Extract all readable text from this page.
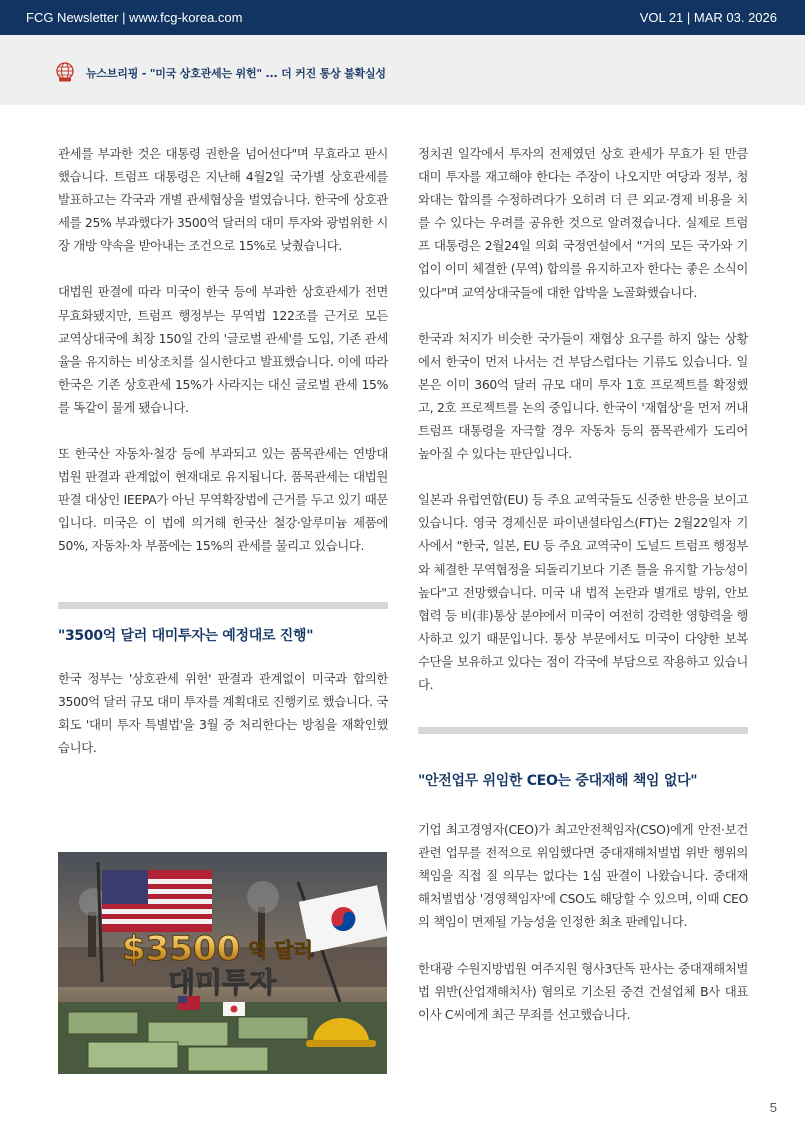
FCG Newsletter | www.fcg-korea.com	VOL 21 | MAR 03. 2026
뉴스브리핑 - "미국 상호관세는 위헌" ... 더 커진 통상 불확실성

관세를 부과한 것은 대통령 권한을 넘어선다"며 무효라고 판시했습니다. 트럼프 대통령은 지난해 4월2일 국가별 상호관세를 발표하고는 각국과 개별 관세협상을 벌였습니다. 한국에 상호관세를 25% 부과했다가 3500억 달러의 대미 투자와 광범위한 시장 개방 약속을 받아내는 조건으로 15%로 낮췄습니다.

대법원 판결에 따라 미국이 한국 등에 부과한 상호관세가 전면 무효화됐지만, 트럼프 행정부는 무역법 122조를 근거로 모든 교역상대국에 최장 150일 간의 '글로벌 관세'를 도입, 기존 관세율을 유지하는 비상조치를 실시한다고 발표했습니다. 이에 따라 한국은 기존 상호관세 15%가 사라지는 대신 글로벌 관세 15%를 똑같이 물게 됐습니다.

또 한국산 자동차·철강 등에 부과되고 있는 품목관세는 연방대법원 판결과 관계없이 현재대로 유지됩니다. 품목관세는 대법원 판결 대상인 IEEPA가 아닌 무역확장법에 근거를 두고 있기 때문입니다. 미국은 이 법에 의거해 한국산 철강·알루미늄 제품에 50%, 자동차·차 부품에는 15%의 관세를 물리고 있습니다.

"3500억 달러 대미투자는 예정대로 진행"

한국 정부는 '상호관세 위헌' 판결과 관계없이 미국과 합의한 3500억 달러 규모 대미 투자를 계획대로 진행키로 했습니다. 국회도 '대미 투자 특별법'을 3월 중 처리한다는 방침을 재확인했습니다.

$3500 억 달러
대미투자

정치권 일각에서 투자의 전제였던 상호 관세가 무효가 된 만큼 대미 투자를 재고해야 한다는 주장이 나오지만 여당과 정부, 청와대는 합의를 수정하려다가 오히려 더 큰 외교·경제 비용을 치를 수 있다는 우려를 공유한 것으로 알려졌습니다. 실제로 트럼프 대통령은 2월24일 의회 국정연설에서 "거의 모든 국가와 기업이 이미 체결한 (무역) 합의를 유지하고자 한다는 좋은 소식이 있다"며 교역상대국들에 대한 압박을 노골화했습니다.

한국과 처지가 비슷한 국가들이 재협상 요구를 하지 않는 상황에서 한국이 먼저 나서는 건 부담스럽다는 기류도 있습니다. 일본은 이미 360억 달러 규모 대미 투자 1호 프로젝트를 확정했고, 2호 프로젝트를 논의 중입니다. 한국이 '재협상'을 먼저 꺼내 트럼프 대통령을 자극할 경우 자동차 등의 품목관세가 도리어 높아질 수 있다는 판단입니다.

일본과 유럽연합(EU) 등 주요 교역국들도 신중한 반응을 보이고 있습니다. 영국 경제신문 파이낸셜타임스(FT)는 2월22일자 기사에서 "한국, 일본, EU 등 주요 교역국이 도널드 트럼프 행정부와 체결한 무역협정을 되돌리기보다 기존 틀을 유지할 가능성이 높다"고 전망했습니다. 미국 내 법적 논란과 별개로 방위, 안보 협력 등 비(非)통상 분야에서 미국이 여전히 강력한 영향력을 행사하고 있기 때문입니다. 통상 부문에서도 미국이 다양한 보복 수단을 보유하고 있다는 점이 각국에 부담으로 작용하고 있습니다.

"안전업무 위임한 CEO는 중대재해 책임 없다"

기업 최고경영자(CEO)가 최고안전책임자(CSO)에게 안전·보건 관련 업무를 전적으로 위임했다면 중대재해처벌법 위반 행위의 책임을 직접 질 의무는 없다는 1심 판결이 나왔습니다. 중대재해처벌법상 '경영책임자'에 CSO도 해당할 수 있으며, 이때 CEO의 책임이 면제될 가능성을 인정한 최초 판례입니다.

한대광 수원지방법원 여주지원 형사3단독 판사는 중대재해처벌법 위반(산업재해치사) 혐의로 기소된 중견 건설업체 B사 대표이사 C씨에게 최근 무죄를 선고했습니다.

5
